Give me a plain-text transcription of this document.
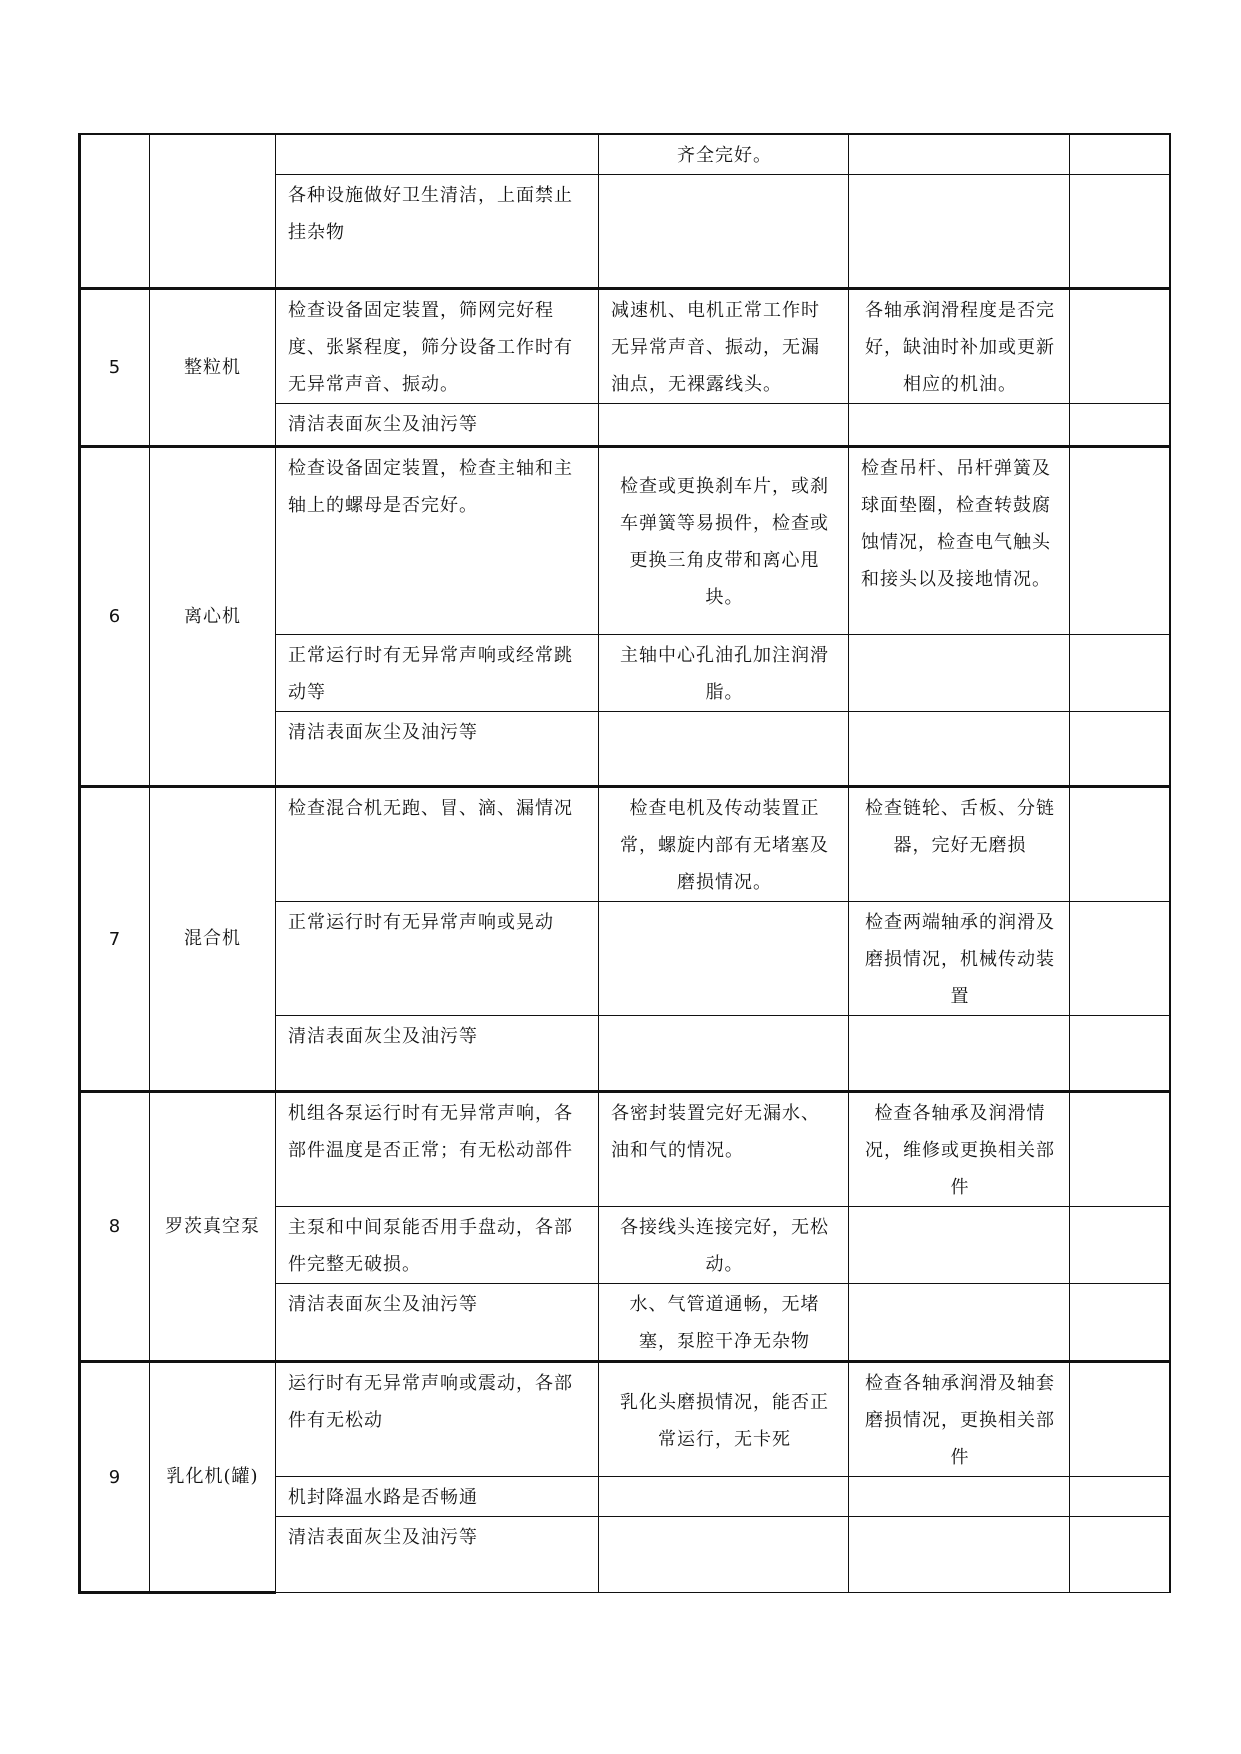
			齐全完好。		
		各种设施做好卫生清洁，上面禁止挂杂物			
5	整粒机	检查设备固定装置，筛网完好程度、张紧程度，筛分设备工作时有无异常声音、振动。	减速机、电机正常工作时无异常声音、振动，无漏油点，无裸露线头。	各轴承润滑程度是否完好，缺油时补加或更新相应的机油。	
		清洁表面灰尘及油污等			
6	离心机	检查设备固定装置，检查主轴和主轴上的螺母是否完好。	检查或更换刹车片，或刹车弹簧等易损件，检查或更换三角皮带和离心甩块。	检查吊杆、吊杆弹簧及球面垫圈，检查转鼓腐蚀情况，检查电气触头和接头以及接地情况。	
		正常运行时有无异常声响或经常跳动等	主轴中心孔油孔加注润滑脂。		
		清洁表面灰尘及油污等			
7	混合机	检查混合机无跑、冒、滴、漏情况	检查电机及传动装置正常，螺旋内部有无堵塞及磨损情况。	检查链轮、舌板、分链器，完好无磨损	
		正常运行时有无异常声响或晃动		检查两端轴承的润滑及磨损情况，机械传动装置	
		清洁表面灰尘及油污等			
8	罗茨真空泵	机组各泵运行时有无异常声响，各部件温度是否正常；有无松动部件	各密封装置完好无漏水、油和气的情况。	检查各轴承及润滑情况，维修或更换相关部件	
		主泵和中间泵能否用手盘动，各部件完整无破损。	各接线头连接完好，无松动。		
		清洁表面灰尘及油污等	水、气管道通畅，无堵塞，泵腔干净无杂物		
9	乳化机(罐)	运行时有无异常声响或震动，各部件有无松动	乳化头磨损情况，能否正常运行，无卡死	检查各轴承润滑及轴套磨损情况，更换相关部件	
		机封降温水路是否畅通			
		清洁表面灰尘及油污等			
